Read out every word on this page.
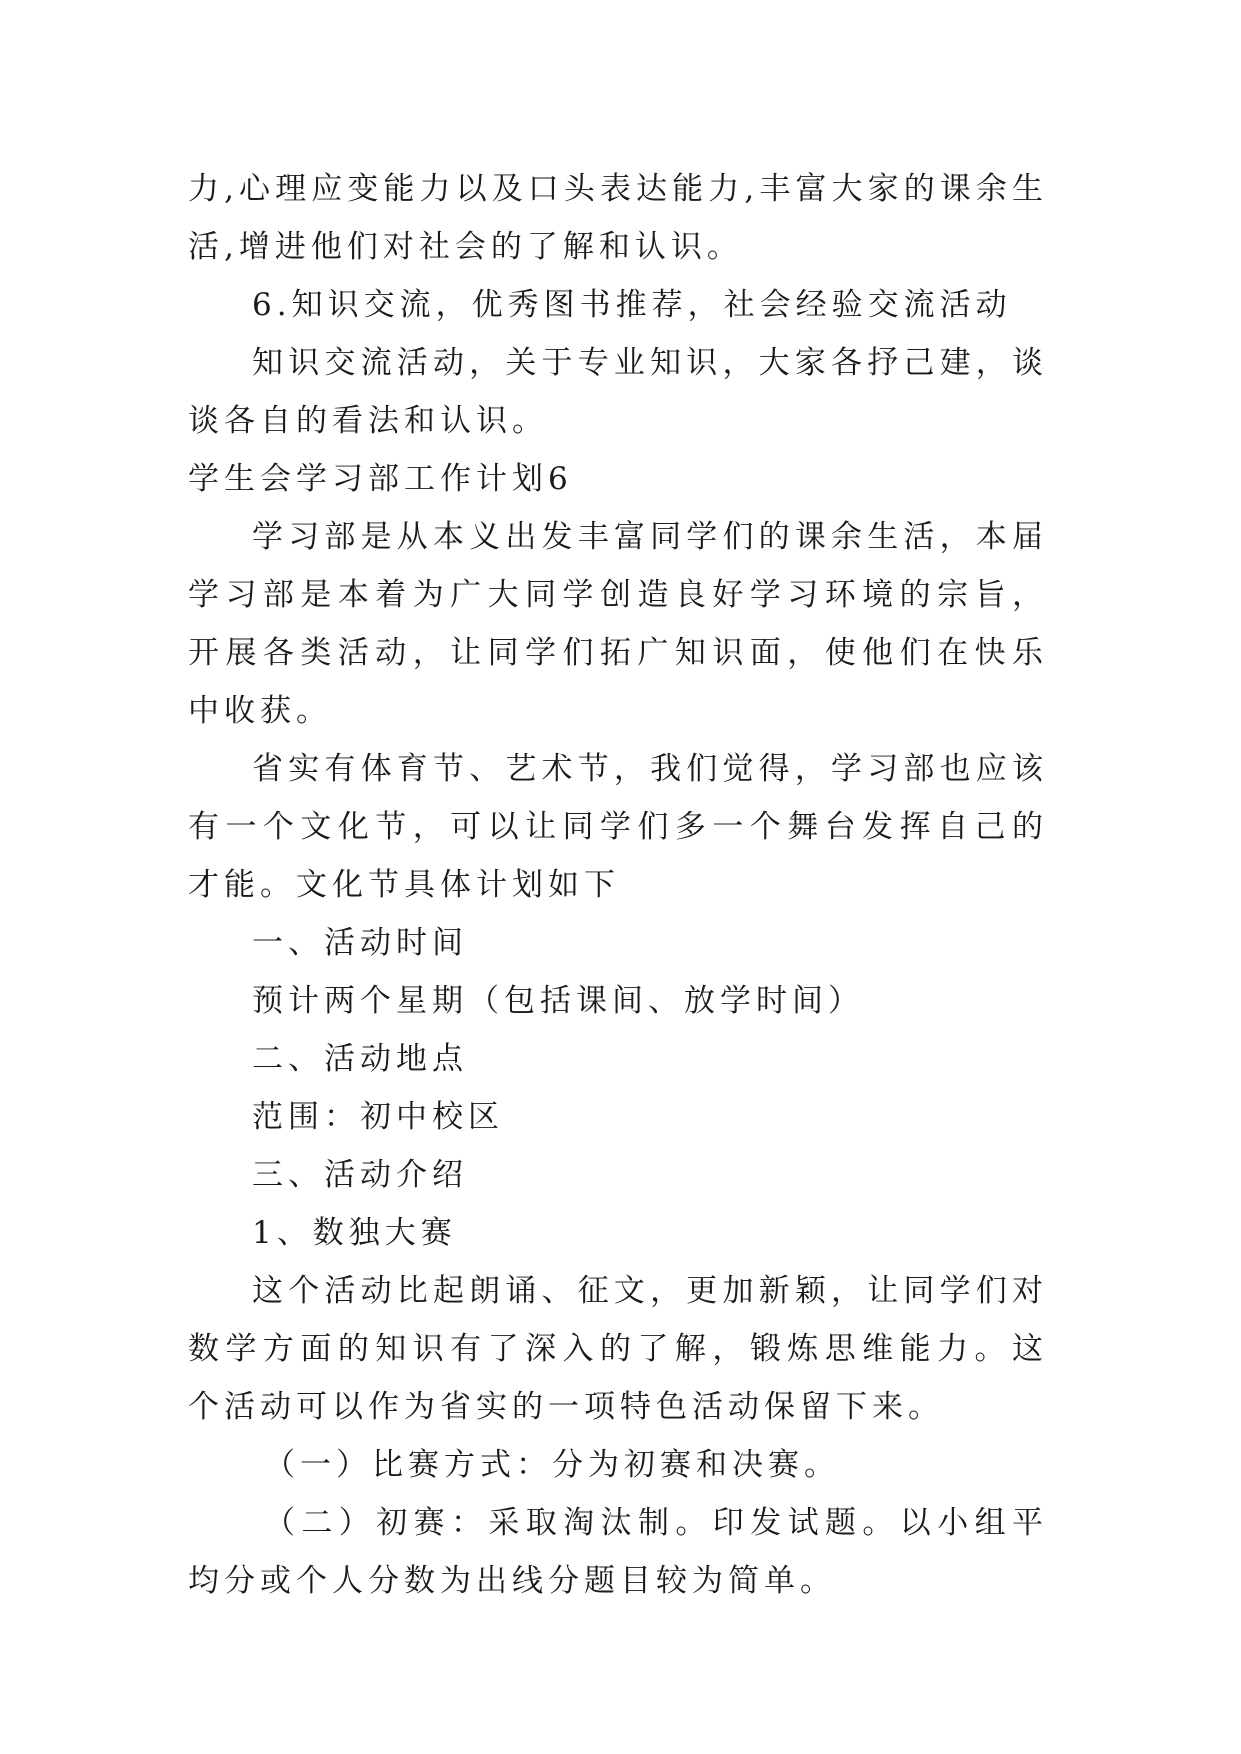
力,心理应变能力以及口头表达能力,丰富大家的课余生活,增进他们对社会的了解和认识。

6.知识交流，优秀图书推荐，社会经验交流活动

知识交流活动，关于专业知识，大家各抒己建，谈谈各自的看法和认识。

学生会学习部工作计划6

学习部是从本义出发丰富同学们的课余生活，本届学习部是本着为广大同学创造良好学习环境的宗旨，开展各类活动，让同学们拓广知识面，使他们在快乐中收获。

省实有体育节、艺术节，我们觉得，学习部也应该有一个文化节，可以让同学们多一个舞台发挥自己的才能。文化节具体计划如下

一、活动时间

预计两个星期（包括课间、放学时间）

二、活动地点

范围：初中校区

三、活动介绍

1、数独大赛

这个活动比起朗诵、征文，更加新颖，让同学们对数学方面的知识有了深入的了解，锻炼思维能力。这个活动可以作为省实的一项特色活动保留下来。

（一）比赛方式：分为初赛和决赛。

（二）初赛：采取淘汰制。印发试题。以小组平均分或个人分数为出线分题目较为简单。
